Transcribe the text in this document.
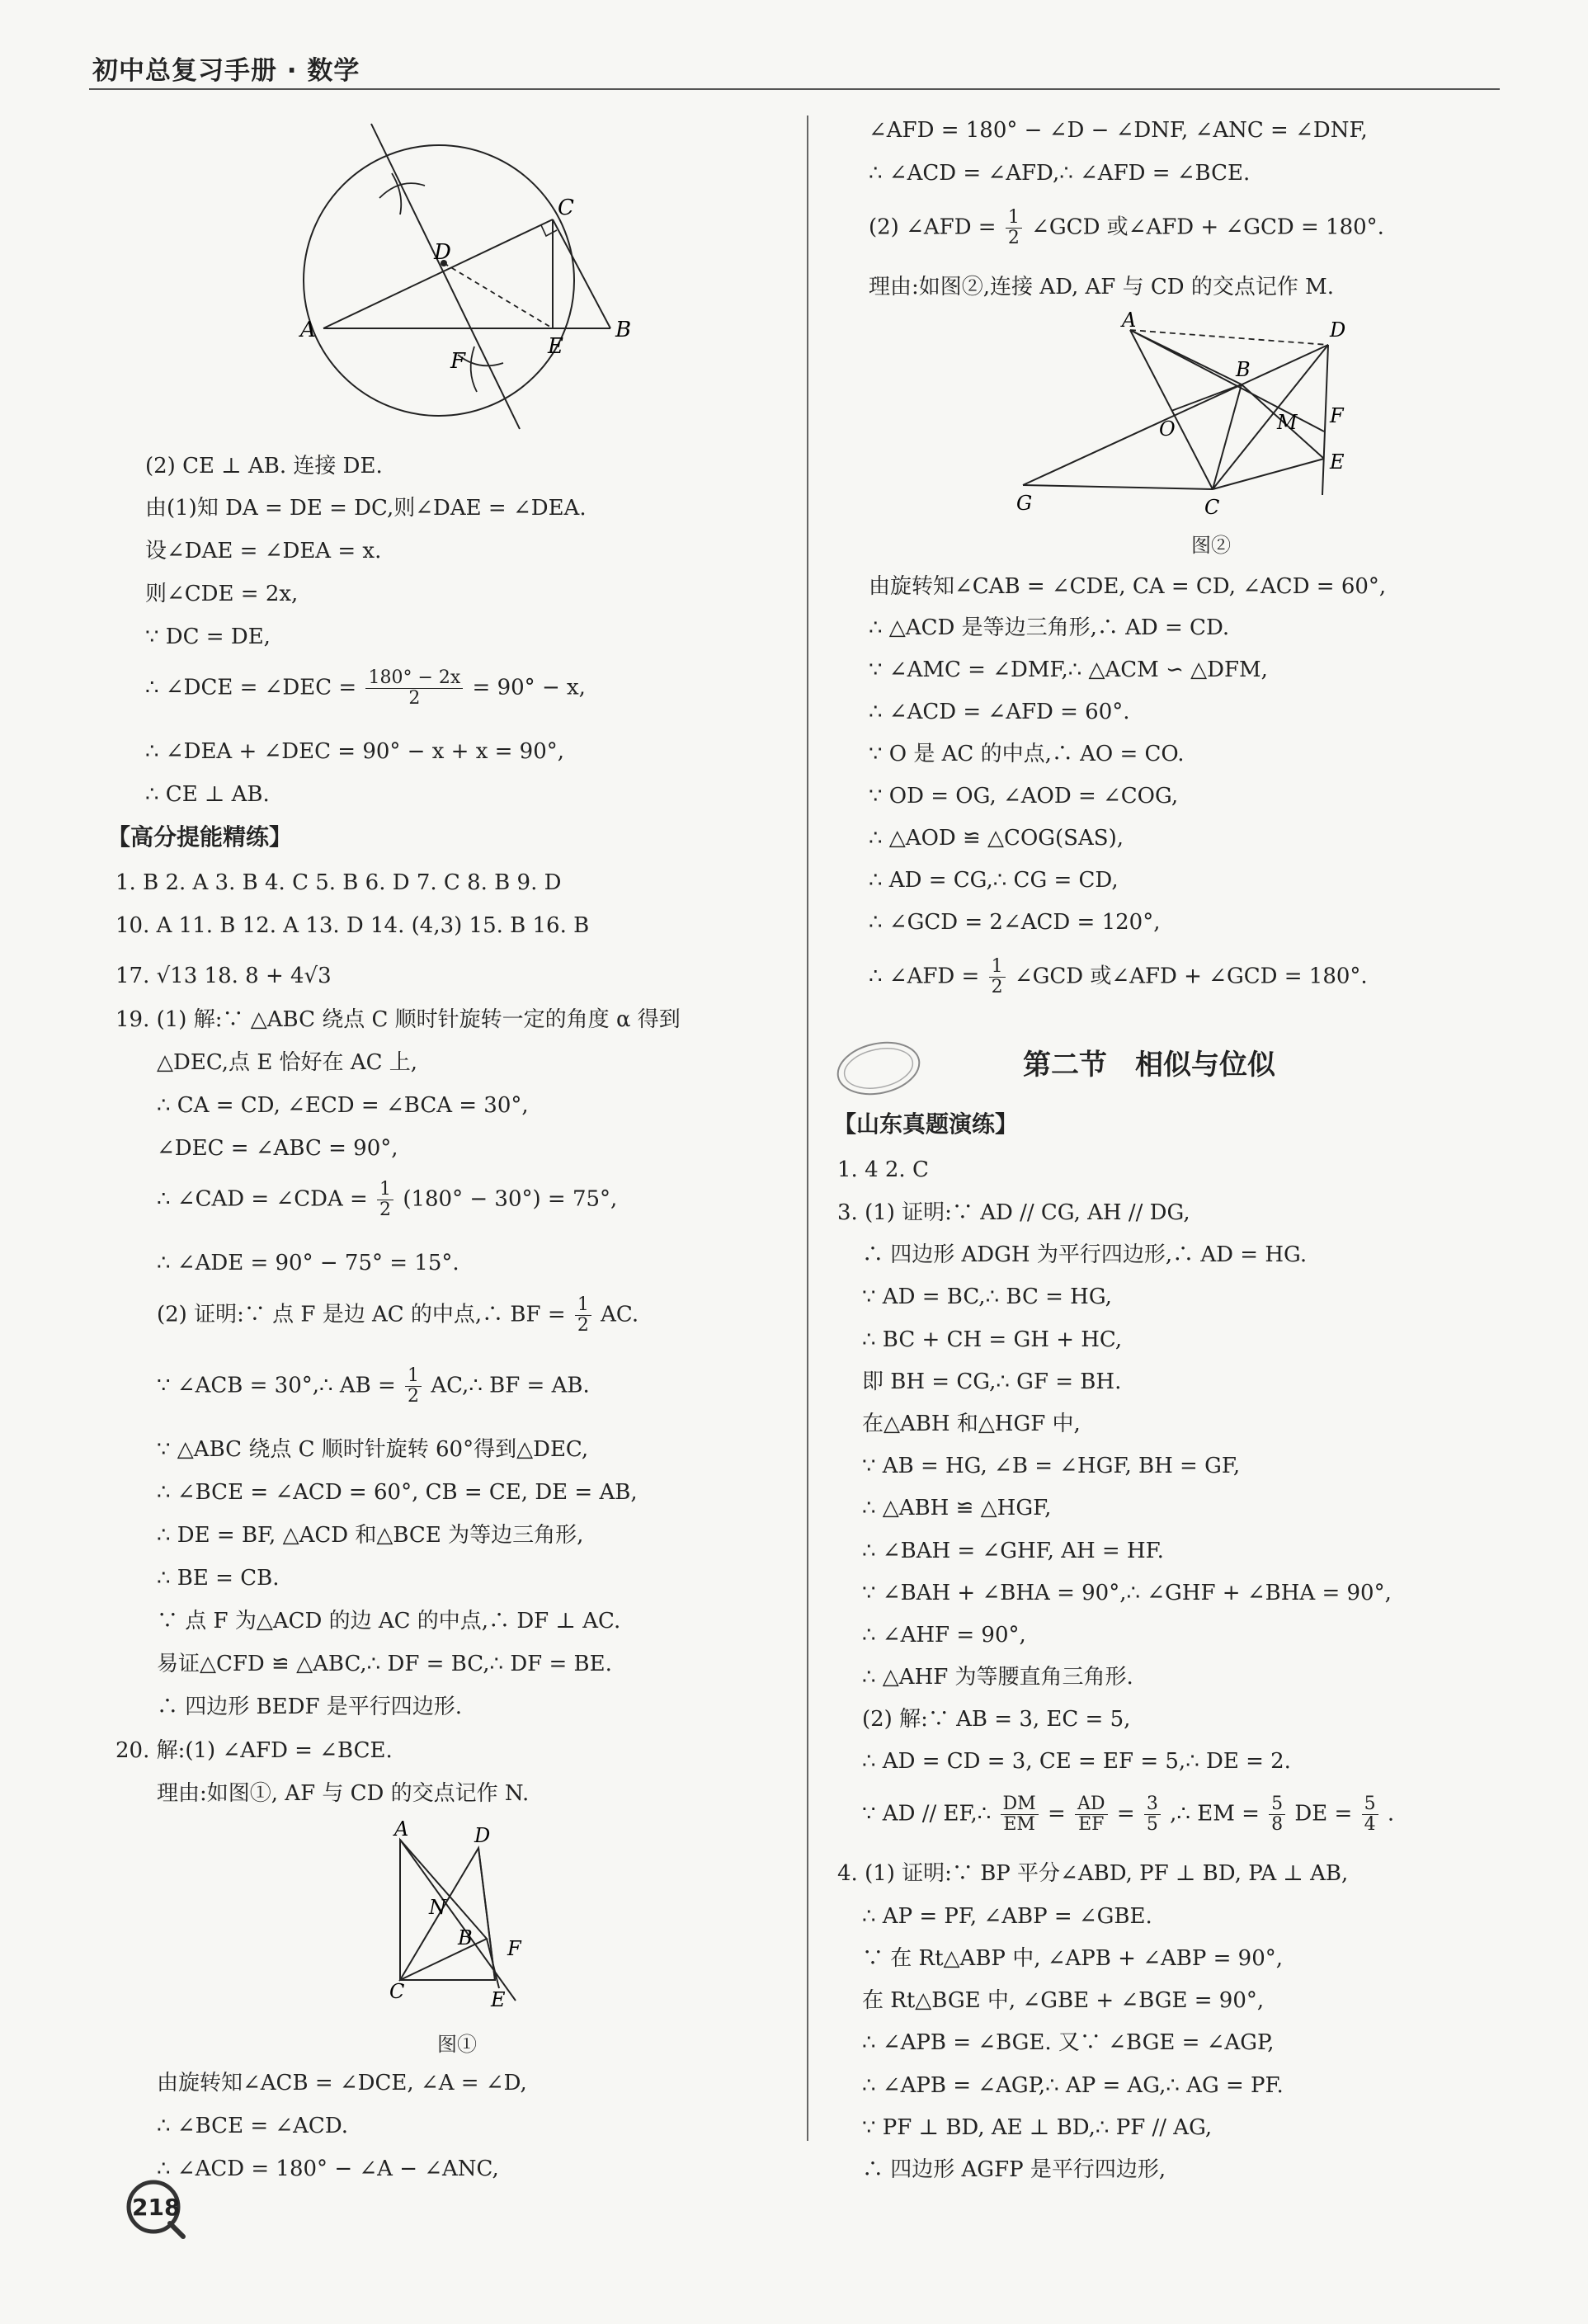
初中总复习手册 · 数学
A	B
C
D
E
F
(2) CE ⊥ AB. 连接 DE.
由(1)知 DA = DE = DC,则∠DAE = ∠DEA.
设∠DAE = ∠DEA = x.
则∠CDE = 2x,
∵ DC = DE,
∴ ∠DCE = ∠DEC = $\frac{180^\circ - 2x}{2} = 90^\circ - x$,
∴ ∠DEA + ∠DEC = 90° − x + x = 90°,
∴ CE ⊥ AB.
【高分提能精练】
1. B 2. A 3. B 4. C 5. B 6. D 7. C 8. B 9. D
10. A 11. B 12. A 13. D 14. (4,3) 15. B 16. B
17. √13 18. 8 + 4√3
19. (1) 解:∵ △ABC 绕点 C 顺时针旋转一定的角度 α 得到
△DEC,点 E 恰好在 AC 上,
∴ CA = CD, ∠ECD = ∠BCA = 30°,
∠DEC = ∠ABC = 90°,
∴ ∠CAD = ∠CDA = $\frac{1}{2} (180^\circ - 30^\circ) = 75^\circ$,
∴ ∠ADE = 90° − 75° = 15°.
(2) 证明:∵ 点 F 是边 AC 的中点,∴ BF = $\frac{1}{2}$ AC.
∵ ∠ACB = 30°,∴ AB = $\frac{1}{2}$ AC,∴ BF = AB.
∵ △ABC 绕点 C 顺时针旋转 60°得到△DEC,
∴ ∠BCE = ∠ACD = 60°, CB = CE, DE = AB,
∴ DE = BF, △ACD 和△BCE 为等边三角形,
∴ BE = CB.
∵ 点 F 为△ACD 的边 AC 的中点,∴ DF ⊥ AC.
易证△CFD ≌ △ABC,∴ DF = BC,∴ DF = BE.
∴ 四边形 BEDF 是平行四边形.
20. 解:(1) ∠AFD = ∠BCE.
理由:如图①, AF 与 CD 的交点记作 N.
A	D
N
B F
C	E
图①
由旋转知∠ACB = ∠DCE, ∠A = ∠D,
∴ ∠BCE = ∠ACD.
∴ ∠ACD = 180° − ∠A − ∠ANC,
218
∠AFD = 180° − ∠D − ∠DNF, ∠ANC = ∠DNF,
∴ ∠ACD = ∠AFD,∴ ∠AFD = ∠BCE.
(2) ∠AFD = $\frac{1}{2}$ ∠GCD 或∠AFD + ∠GCD = 180°.
理由:如图②,连接 AD, AF 与 CD 的交点记作 M.
A	D
B
F
O	M
E
G	C
图②
由旋转知∠CAB = ∠CDE, CA = CD, ∠ACD = 60°,
∴ △ACD 是等边三角形,∴ AD = CD.
∵ ∠AMC = ∠DMF,∴ △ACM ∽ △DFM,
∴ ∠ACD = ∠AFD = 60°.
∵ O 是 AC 的中点,∴ AO = CO.
∵ OD = OG, ∠AOD = ∠COG,
∴ △AOD ≌ △COG(SAS),
∴ AD = CG,∴ CG = CD,
∴ ∠GCD = 2∠ACD = 120°,
∴ ∠AFD = $\frac{1}{2}$ ∠GCD 或∠AFD + ∠GCD = 180°.
第二节　相似与位似
【山东真题演练】
1. 4 2. C
3. (1) 证明:∵ AD // CG, AH // DG,
∴ 四边形 ADGH 为平行四边形,∴ AD = HG.
∵ AD = BC,∴ BC = HG,
∴ BC + CH = GH + HC,
即 BH = CG,∴ GF = BH.
在△ABH 和△HGF 中,
∵ AB = HG, ∠B = ∠HGF, BH = GF,
∴ △ABH ≌ △HGF,
∴ ∠BAH = ∠GHF, AH = HF.
∵ ∠BAH + ∠BHA = 90°,∴ ∠GHF + ∠BHA = 90°,
∴ ∠AHF = 90°,
∴ △AHF 为等腰直角三角形.
(2) 解:∵ AB = 3, EC = 5,
∴ AD = CD = 3, CE = EF = 5,∴ DE = 2.
∵ AD // EF,∴ $\frac{DM}{EM} = \frac{AD}{EF} = \frac{3}{5}$ ,∴ EM = $\frac{5}{8}$ DE = $\frac{5}{4}$ .
4. (1) 证明:∵ BP 平分∠ABD, PF ⊥ BD, PA ⊥ AB,
∴ AP = PF, ∠ABP = ∠GBE.
∵ 在 Rt△ABP 中, ∠APB + ∠ABP = 90°,
在 Rt△BGE 中, ∠GBE + ∠BGE = 90°,
∴ ∠APB = ∠BGE. 又∵ ∠BGE = ∠AGP,
∴ ∠APB = ∠AGP,∴ AP = AG,∴ AG = PF.
∵ PF ⊥ BD, AE ⊥ BD,∴ PF // AG,
∴ 四边形 AGFP 是平行四边形,
